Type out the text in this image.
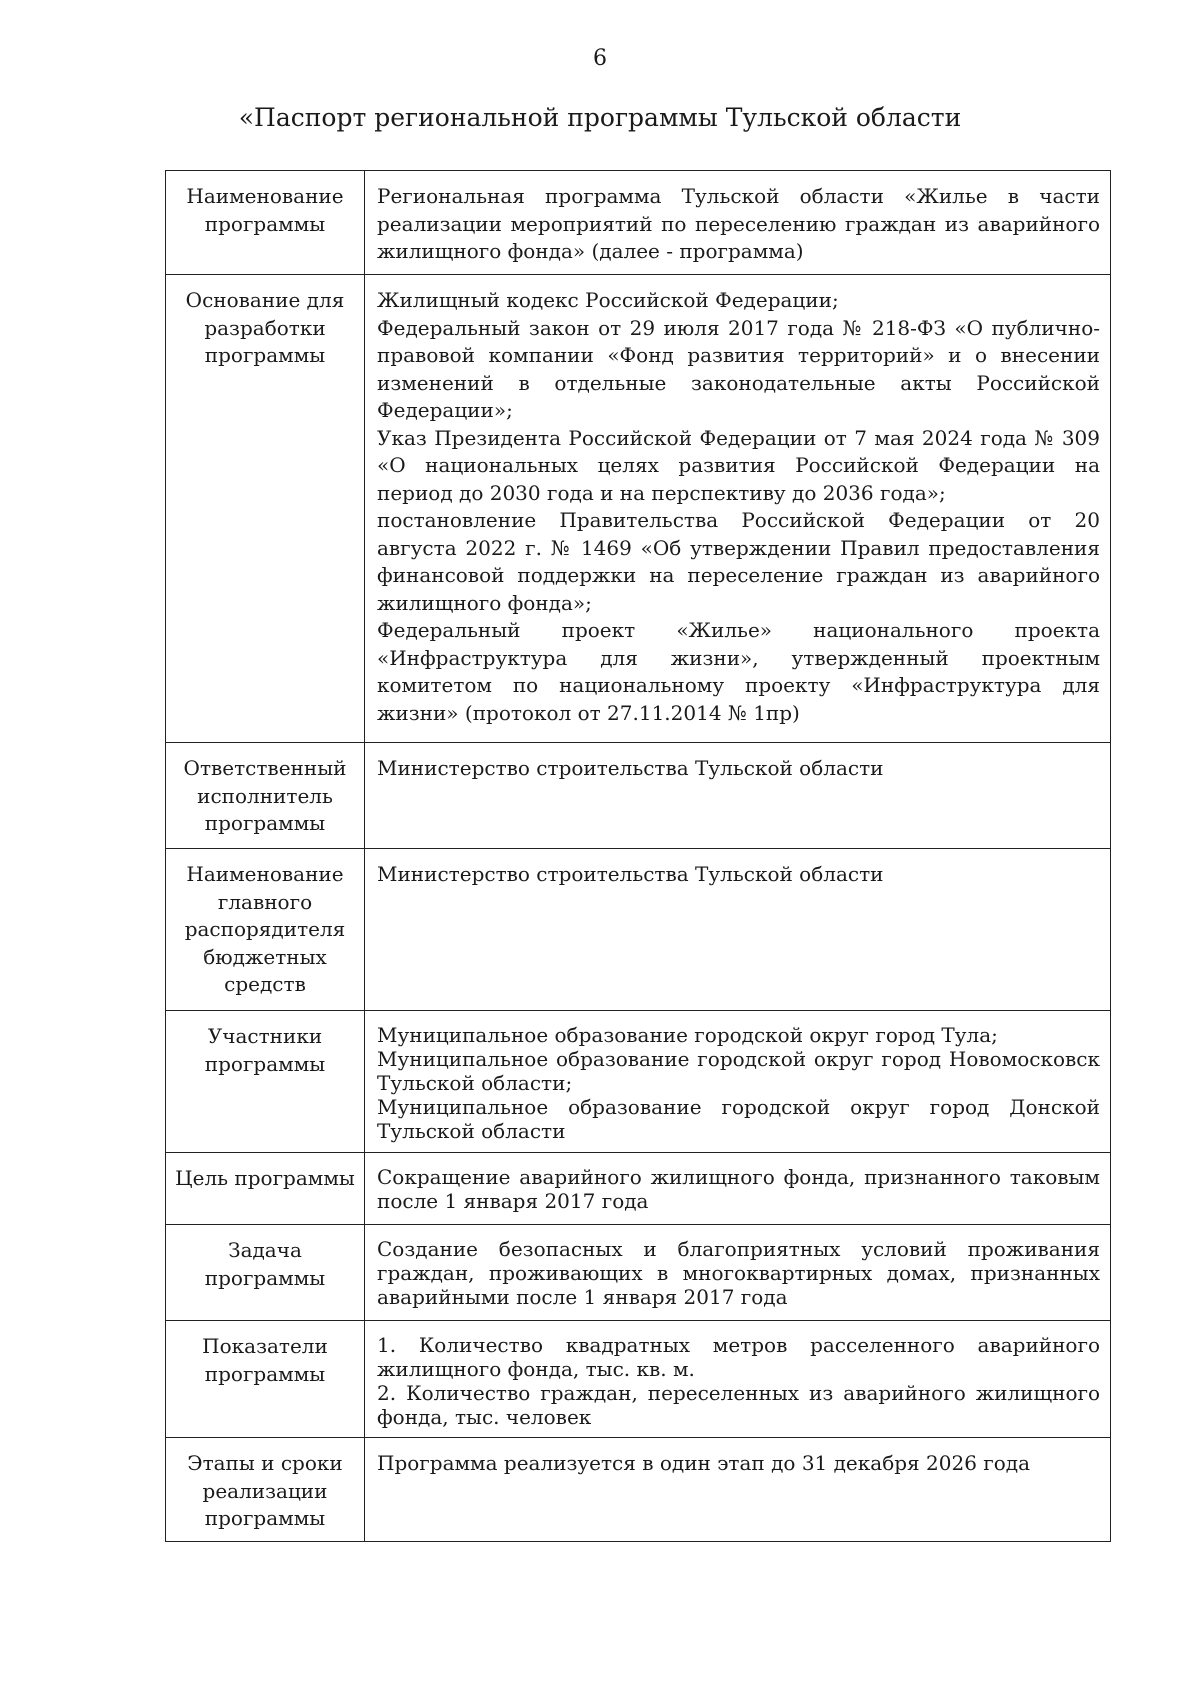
6
«Паспорт региональной программы Тульской области
Наименование программы	Региональная программа Тульской области «Жилье в части реализации мероприятий по переселению граждан из аварийного жилищного фонда» (далее - программа)

Основание для разработки программы	Жилищный кодекс Российской Федерации;
Федеральный закон от 29 июля 2017 года № 218-ФЗ «О публично-правовой компании «Фонд развития территорий» и о внесении изменений в отдельные законодательные акты Российской Федерации»;
Указ Президента Российской Федерации от 7 мая 2024 года № 309 «О национальных целях развития Российской Федерации на период до 2030 года и на перспективу до 2036 года»;
постановление Правительства Российской Федерации от 20 августа 2022 г. № 1469 «Об утверждении Правил предоставления финансовой поддержки на переселение граждан из аварийного жилищного фонда»;
Федеральный проект «Жилье» национального проекта «Инфраструктура для жизни», утвержденный проектным комитетом по национальному проекту «Инфраструктура для жизни» (протокол от 27.11.2014 № 1пр)

Ответственный исполнитель программы	Министерство строительства Тульской области

Наименование главного распорядителя бюджетных средств	Министерство строительства Тульской области

Участники программы	Муниципальное образование городской округ город Тула;
Муниципальное образование городской округ город Новомосковск Тульской области;
Муниципальное образование городской округ город Донской Тульской области

Цель программы	Сокращение аварийного жилищного фонда, признанного таковым после 1 января 2017 года

Задача программы	Создание безопасных и благоприятных условий проживания граждан, проживающих в многоквартирных домах, признанных аварийными после 1 января 2017 года

Показатели программы	1. Количество квадратных метров расселенного аварийного жилищного фонда, тыс. кв. м.
2. Количество граждан, переселенных из аварийного жилищного фонда, тыс. человек

Этапы и сроки реализации программы	Программа реализуется в один этап до 31 декабря 2026 года
